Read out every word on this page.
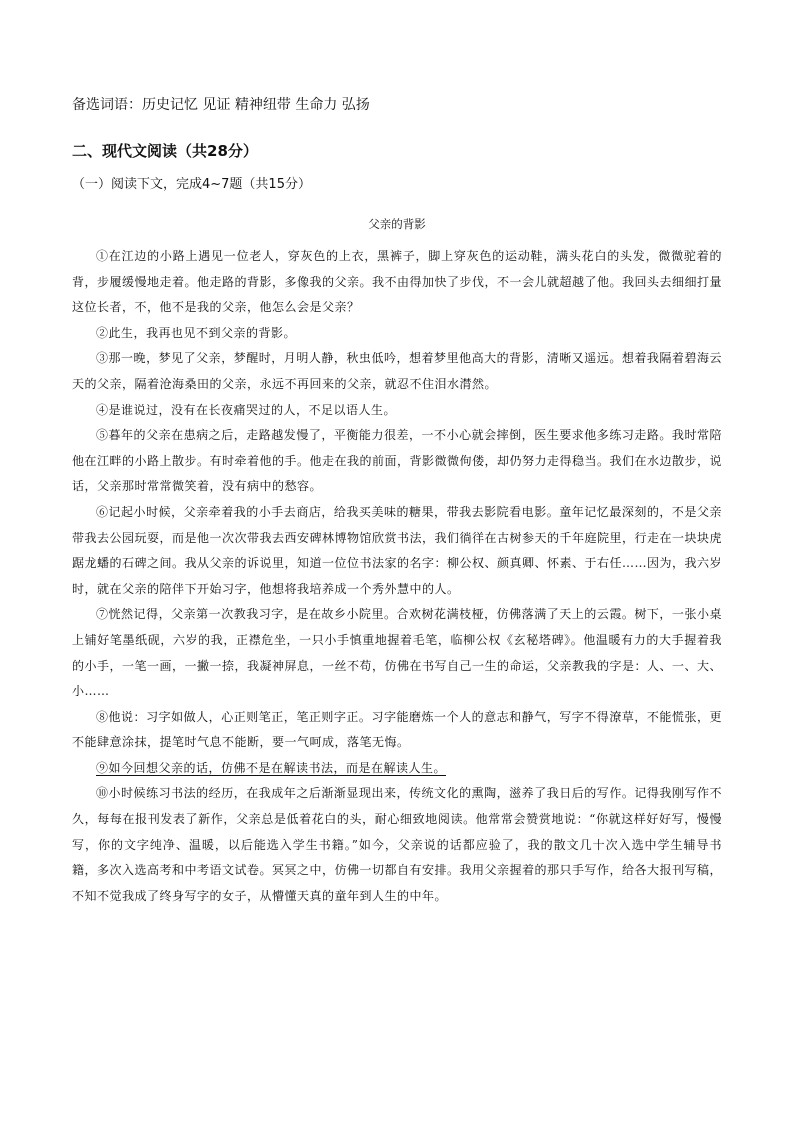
备选词语：历史记忆 见证 精神纽带 生命力 弘扬
二、现代文阅读（共28分）
（一）阅读下文，完成4~7题（共15分）
父亲的背影

①在江边的小路上遇见一位老人，穿灰色的上衣，黑裤子，脚上穿灰色的运动鞋，满头花白的头发，微微驼着的背，步履缓慢地走着。他走路的背影，多像我的父亲。我不由得加快了步伐，不一会儿就超越了他。我回头去细细打量这位长者，不，他不是我的父亲，他怎么会是父亲？

②此生，我再也见不到父亲的背影。

③那一晚，梦见了父亲，梦醒时，月明人静，秋虫低吟，想着梦里他高大的背影，清晰又遥远。想着我隔着碧海云天的父亲，隔着沧海桑田的父亲，永远不再回来的父亲，就忍不住泪水潸然。

④是谁说过，没有在长夜痛哭过的人，不足以语人生。

⑤暮年的父亲在患病之后，走路越发慢了，平衡能力很差，一不小心就会摔倒，医生要求他多练习走路。我时常陪他在江畔的小路上散步。有时牵着他的手。他走在我的前面，背影微微佝偻，却仍努力走得稳当。我们在水边散步，说话，父亲那时常常微笑着，没有病中的愁容。

⑥记起小时候，父亲牵着我的小手去商店，给我买美味的糖果，带我去影院看电影。童年记忆最深刻的，不是父亲带我去公园玩耍，而是他一次次带我去西安碑林博物馆欣赏书法，我们徜徉在古树参天的千年庭院里，行走在一块块虎踞龙蟠的石碑之间。我从父亲的诉说里，知道一位位书法家的名字：柳公权、颜真卿、怀素、于右任……因为，我六岁时，就在父亲的陪伴下开始习字，他想将我培养成一个秀外慧中的人。

⑦恍然记得，父亲第一次教我习字，是在故乡小院里。合欢树花满枝桠，仿佛落满了天上的云霞。树下，一张小桌上铺好笔墨纸砚，六岁的我，正襟危坐，一只小手慎重地握着毛笔，临柳公权《玄秘塔碑》。他温暖有力的大手握着我的小手，一笔一画，一撇一捺，我凝神屏息，一丝不苟，仿佛在书写自己一生的命运，父亲教我的字是：人、一、大、小……

⑧他说：习字如做人，心正则笔正，笔正则字正。习字能磨炼一个人的意志和静气，写字不得潦草，不能慌张，更不能肆意涂抹，提笔时气息不能断，要一气呵成，落笔无悔。

⑨如今回想父亲的话，仿佛不是在解读书法，而是在解读人生。

⑩小时候练习书法的经历，在我成年之后渐渐显现出来，传统文化的熏陶，滋养了我日后的写作。记得我刚写作不久，每每在报刊发表了新作，父亲总是低着花白的头，耐心细致地阅读。他常常会赞赏地说：“你就这样好好写，慢慢写，你的文字纯净、温暖，以后能选入学生书籍。”如今，父亲说的话都应验了，我的散文几十次入选中学生辅导书籍，多次入选高考和中考语文试卷。冥冥之中，仿佛一切都自有安排。我用父亲握着的那只手写作，给各大报刊写稿，不知不觉我成了终身写字的女子，从懵懂天真的童年到人生的中年。
